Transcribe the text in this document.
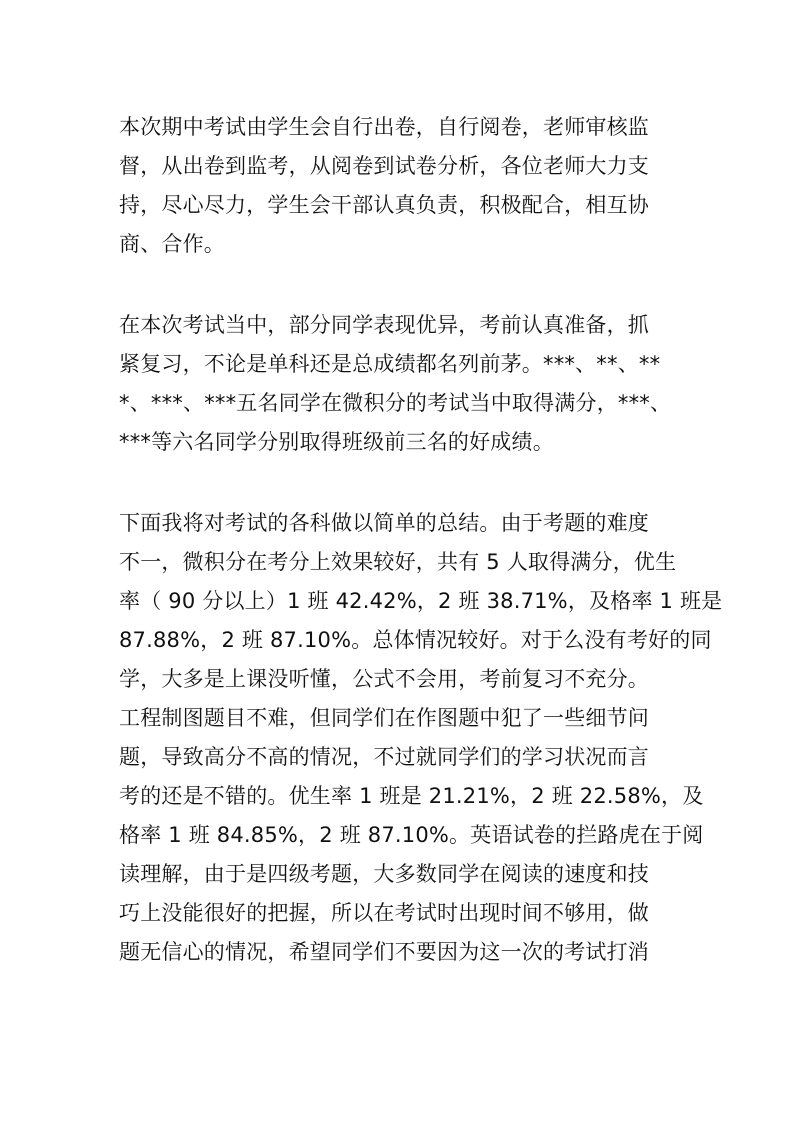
本次期中考试由学生会自行出卷，自行阅卷，老师审核监
督，从出卷到监考，从阅卷到试卷分析，各位老师大力支
持，尽心尽力，学生会干部认真负责，积极配合，相互协
商、合作。
在本次考试当中，部分同学表现优异，考前认真准备，抓
紧复习，不论是单科还是总成绩都名列前茅。***、**、**
*、***、***五名同学在微积分的考试当中取得满分，***、
***等六名同学分别取得班级前三名的好成绩。
下面我将对考试的各科做以简单的总结。由于考题的难度
不一，微积分在考分上效果较好，共有 5 人取得满分，优生
率（ 90 分以上）1 班 42.42%，2 班 38.71%，及格率 1 班是
87.88%，2 班 87.10%。总体情况较好。对于么没有考好的同
学，大多是上课没听懂，公式不会用，考前复习不充分。
工程制图题目不难，但同学们在作图题中犯了一些细节问
题，导致高分不高的情况，不过就同学们的学习状况而言
考的还是不错的。优生率 1 班是 21.21%，2 班 22.58%，及
格率 1 班 84.85%，2 班 87.10%。英语试卷的拦路虎在于阅
读理解，由于是四级考题，大多数同学在阅读的速度和技
巧上没能很好的把握，所以在考试时出现时间不够用，做
题无信心的情况，希望同学们不要因为这一次的考试打消
